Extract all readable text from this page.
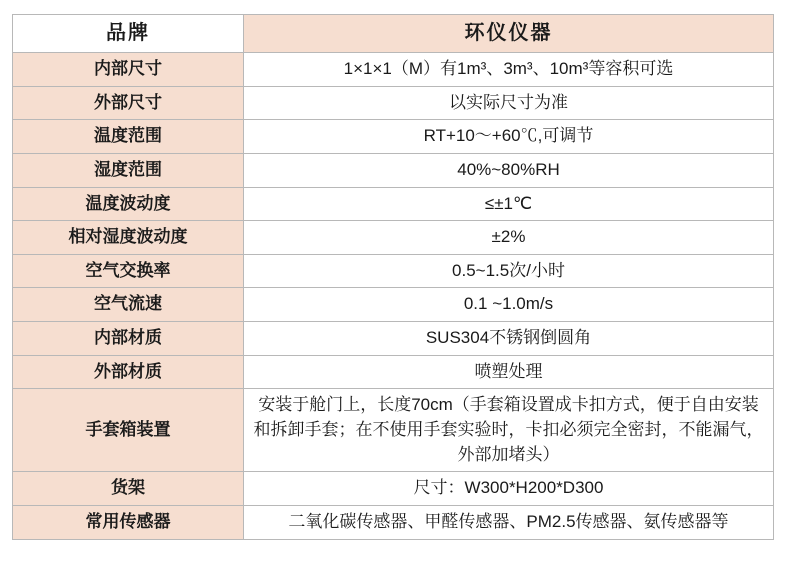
品牌	环仪仪器
内部尺寸	1×1×1（M）有1m³、3m³、10m³等容积可选
外部尺寸	以实际尺寸为准
温度范围	RT+10～+60℃,可调节
湿度范围	40%~80%RH
温度波动度	≤±1℃
相对湿度波动度	±2%
空气交换率	0.5~1.5次/小时
空气流速	0.1 ~1.0m/s
内部材质	SUS304不锈钢倒圆角
外部材质	喷塑处理
手套箱装置	安装于舱门上，长度70cm（手套箱设置成卡扣方式，便于自由安装和拆卸手套；在不使用手套实验时，卡扣必须完全密封，不能漏气，外部加堵头）
货架	尺寸：W300*H200*D300
常用传感器	二氧化碳传感器、甲醛传感器、PM2.5传感器、氨传感器等
